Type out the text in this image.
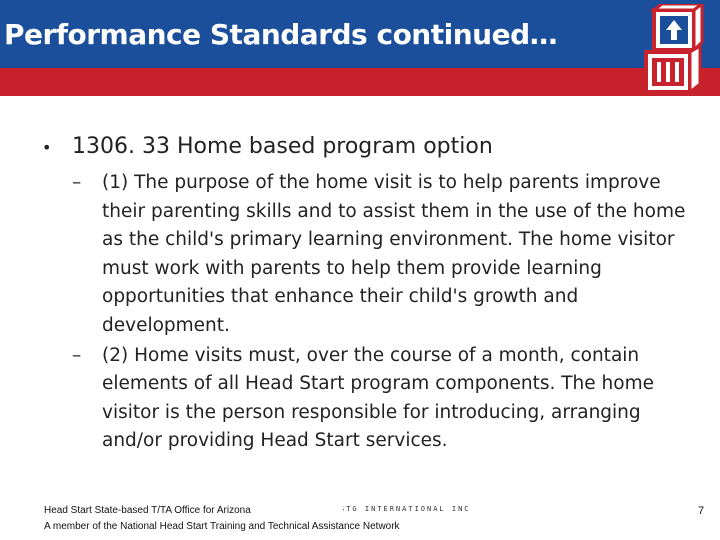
Performance Standards continued…
• 1306. 33 Home based program option
–	(1) The purpose of the home visit is to help parents improve their parenting skills and to assist them in the use of the home as the child's primary learning environment. The home visitor must work with parents to help them provide learning opportunities that enhance their child's growth and development.
–	(2) Home visits must, over the course of a month, contain elements of all Head Start program components. The home visitor is the person responsible for introducing, arranging and/or providing Head Start services.
Head Start State-based T/TA Office for Arizona
A member of the National Head Start Training and Technical Assistance Network
STG INTERNATIONAL INC	7
